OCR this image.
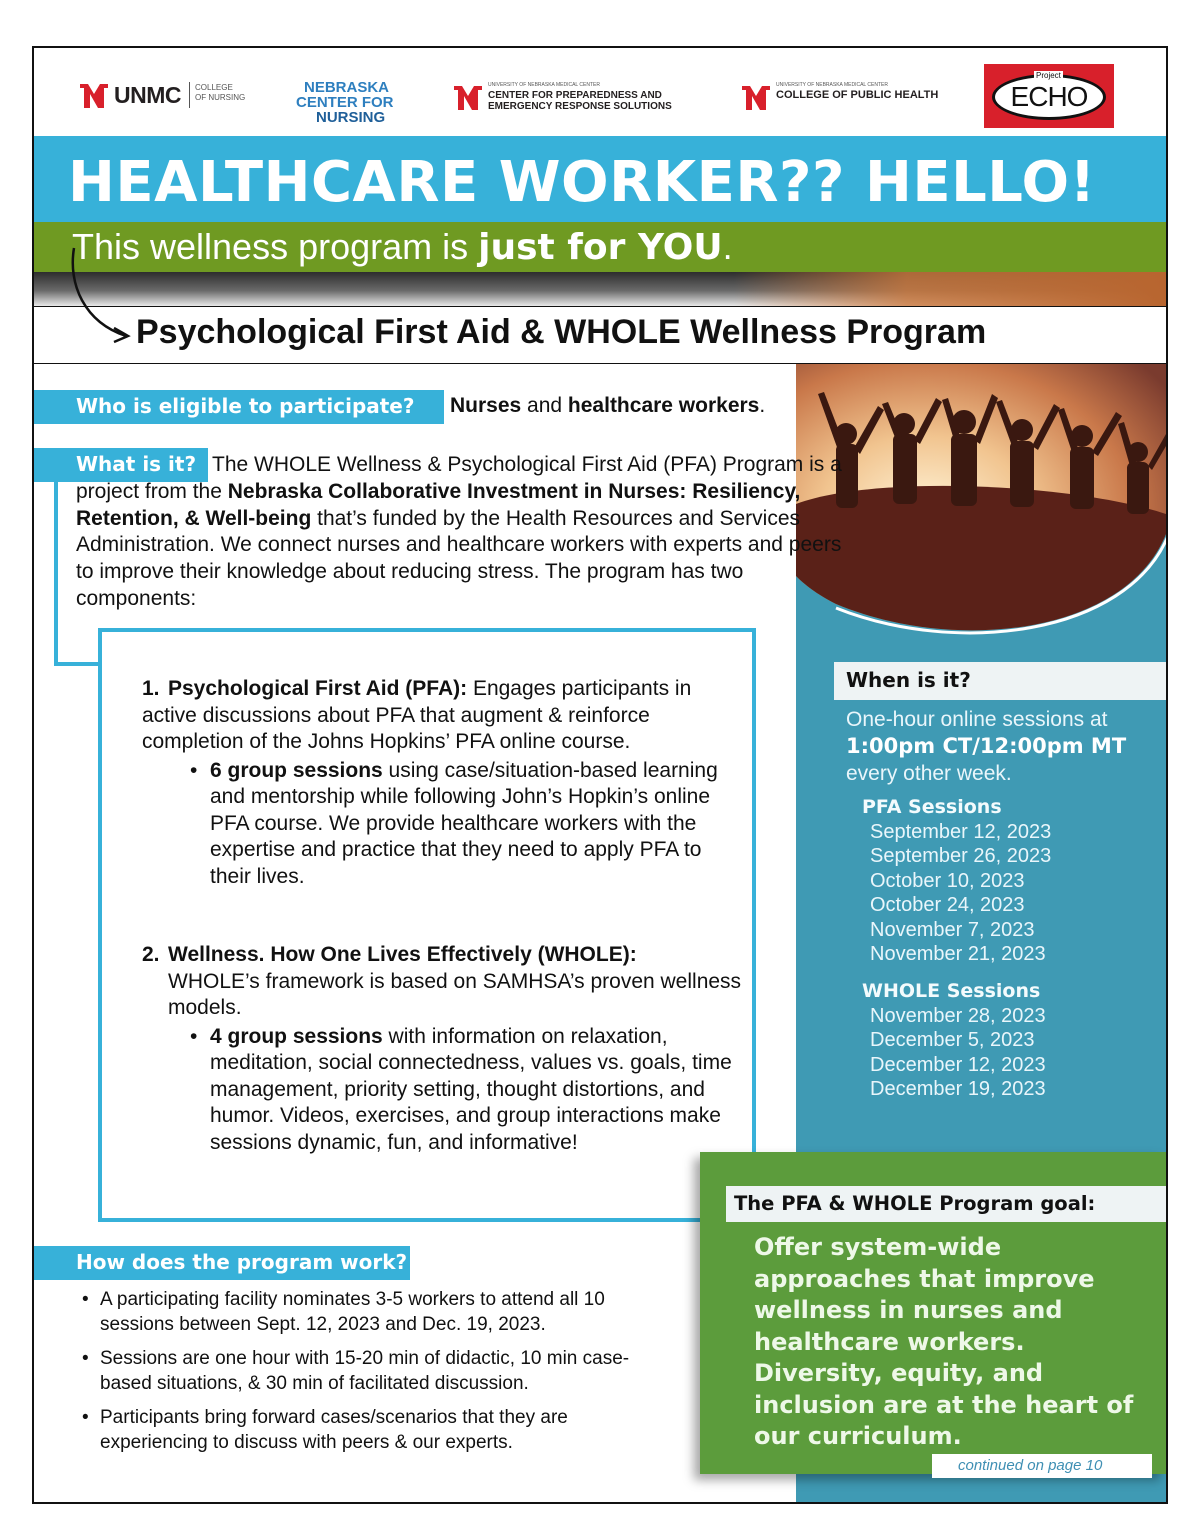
UNMC COLLEGE
OF NURSING
NEBRASKA
CENTER FOR
NURSING
UNIVERSITY OF NEBRASKA MEDICAL CENTER
CENTER FOR PREPAREDNESS AND
EMERGENCY RESPONSE SOLUTIONS
UNIVERSITY OF NEBRASKA MEDICAL CENTER
COLLEGE OF PUBLIC HEALTH
Project
ECHO
HEALTHCARE WORKER?? HELLO!
This wellness program is just for YOU.
Psychological First Aid & WHOLE Wellness Program
Who is eligible to participate?	Nurses and healthcare workers.
What is it? The WHOLE Wellness & Psychological First Aid (PFA) Program is a project from the Nebraska Collaborative Investment in Nurses: Resiliency, Retention, & Well-being that’s funded by the Health Resources and Services Administration. We connect nurses and healthcare workers with experts and peers to improve their knowledge about reducing stress. The program has two components:

1. Psychological First Aid (PFA): Engages participants in active discussions about PFA that augment & reinforce completion of the Johns Hopkins’ PFA online course.
• 6 group sessions using case/situation-based learning and mentorship while following John’s Hopkin’s online PFA course. We provide healthcare workers with the expertise and practice that they need to apply PFA to their lives.
2. Wellness. How One Lives Effectively (WHOLE):
WHOLE’s framework is based on SAMHSA’s proven wellness models.
• 4 group sessions with information on relaxation, meditation, social connectedness, values vs. goals, time management, priority setting, thought distortions, and humor. Videos, exercises, and group interactions make sessions dynamic, fun, and informative!
When is it?
One-hour online sessions at
1:00pm CT/12:00pm MT
every other week.
PFA Sessions
September 12, 2023
September 26, 2023
October 10, 2023
October 24, 2023
November 7, 2023
November 21, 2023
WHOLE Sessions
November 28, 2023
December 5, 2023
December 12, 2023
December 19, 2023
The PFA & WHOLE Program goal:

Offer system-wide approaches that improve wellness in nurses and healthcare workers. Diversity, equity, and inclusion are at the heart of our curriculum.

continued on page 10
How does the program work?
• A participating facility nominates 3-5 workers to attend all 10 sessions between Sept. 12, 2023 and Dec. 19, 2023.
• Sessions are one hour with 15-20 min of didactic, 10 min case-based situations, & 30 min of facilitated discussion.
• Participants bring forward cases/scenarios that they are experiencing to discuss with peers & our experts.
